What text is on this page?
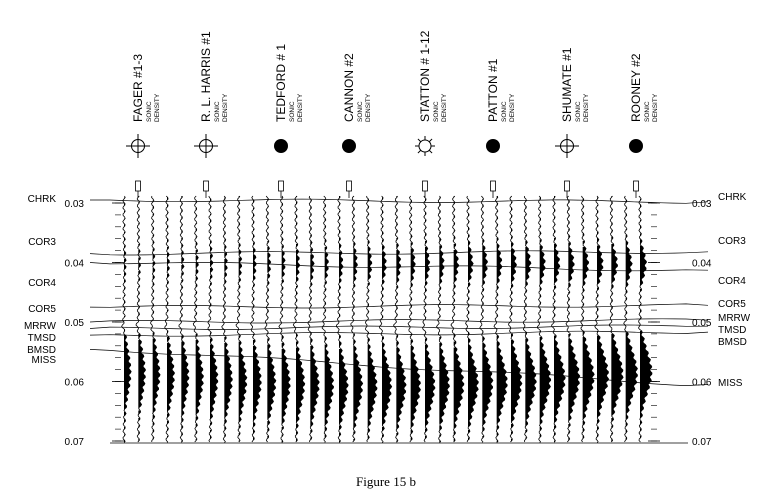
0.03
0.04
0.05
0.06
0.07
0.03
0.04
0.05
0.06
0.07
CHRK
COR3
COR4
COR5
MRRW
TMSD
BMSD
MISS
CHRK
COR3
COR4
COR5
MRRW
TMSD
BMSD
MISS
FAGER #1-3 SONIC DENSITY	R. L. HARRIS #1 SONIC DENSITY	TEDFORD # 1 SONIC DENSITY	CANNON #2 SONIC DENSITY	STATTON # 1-12 SONIC DENSITY	PATTON #1 SONIC DENSITY	SHUMATE #1 SONIC DENSITY	ROONEY #2 SONIC DENSITY
Figure 15 b
